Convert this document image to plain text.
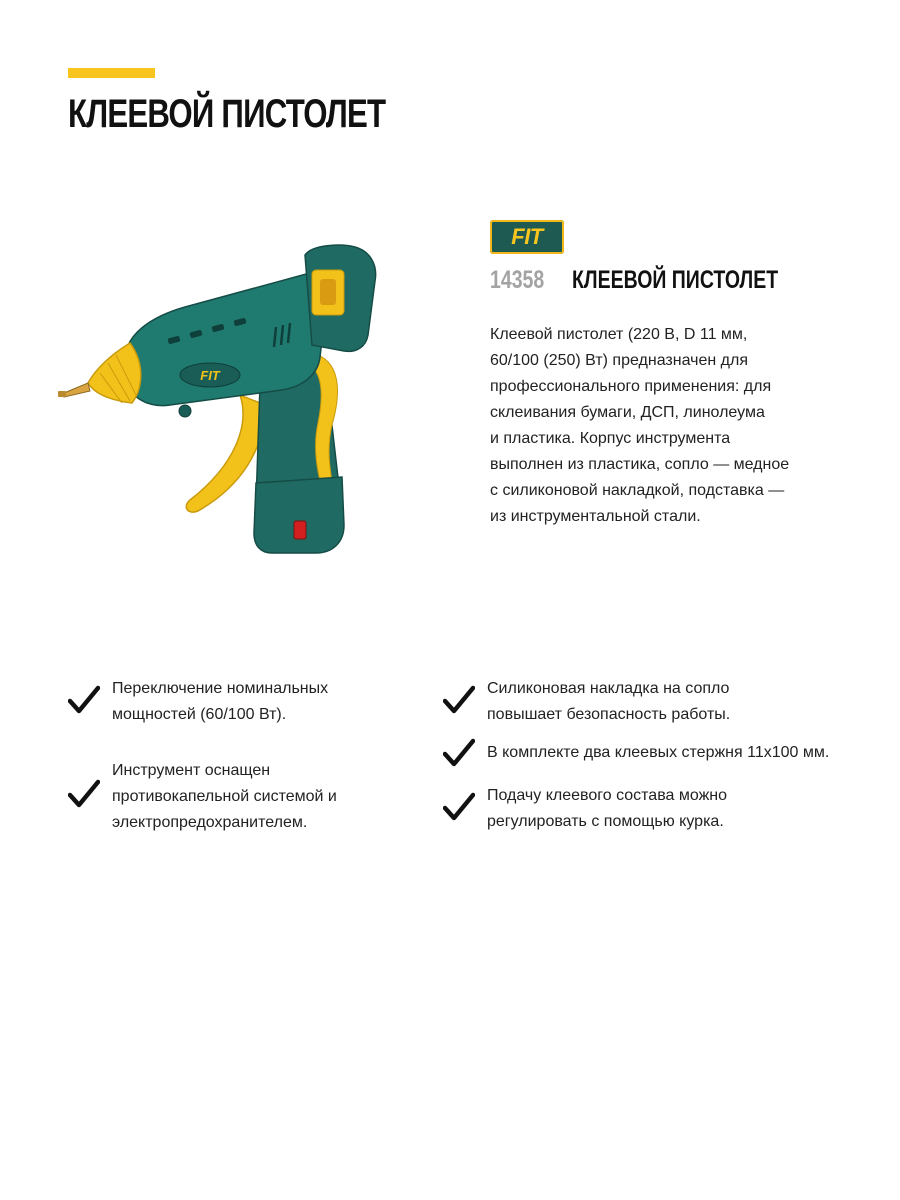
КЛЕЕВОЙ ПИСТОЛЕТ
FIT
FIT
14358 КЛЕЕВОЙ ПИСТОЛЕТ

Клеевой пистолет (220 В, D 11 мм,
60/100 (250) Вт) предназначен для
профессионального применения: для
склеивания бумаги, ДСП, линолеума
и пластика. Корпус инструмента
выполнен из пластика, сопло — медное
с силиконовой накладкой, подставка —
из инструментальной стали.

Переключение номинальных
мощностей (60/100 Вт).
Инструмент оснащен
противокапельной системой и
электропредохранителем.
Силиконовая накладка на сопло
повышает безопасность работы.
В комплекте два клеевых стержня 11х100 мм.
Подачу клеевого состава можно
регулировать с помощью курка.
